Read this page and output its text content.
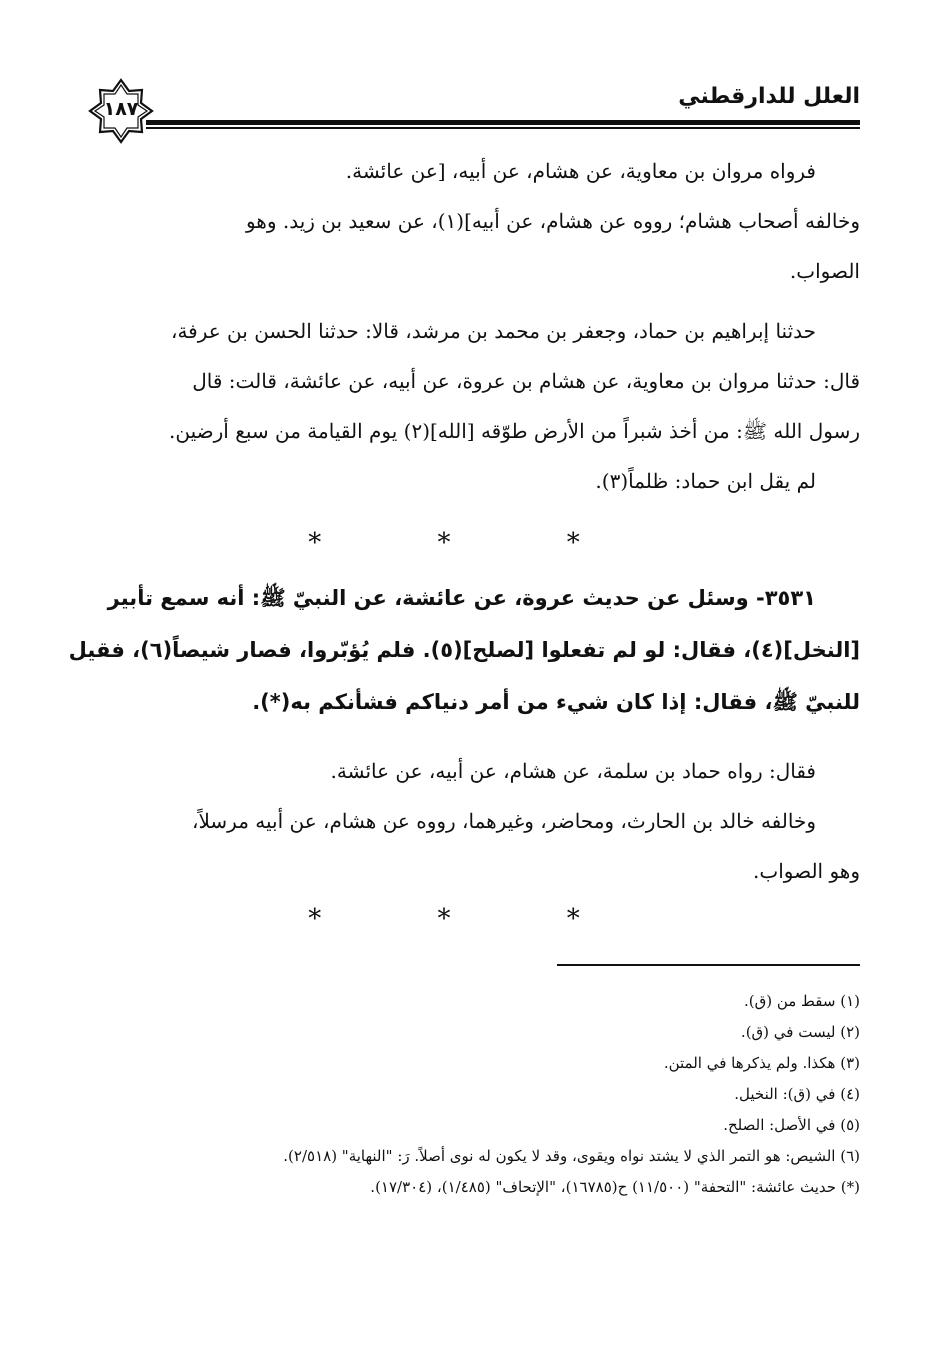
العلل للدارقطني
١٨٧
فرواه مروان بن معاوية، عن هشام، عن أبيه، [عن عائشة.
وخالفه أصحاب هشام؛ رووه عن هشام، عن أبيه](١)، عن سعيد بن زيد. وهو
الصواب.
حدثنا إبراهيم بن حماد، وجعفر بن محمد بن مرشد، قالا: حدثنا الحسن بن عرفة،
قال: حدثنا مروان بن معاوية، عن هشام بن عروة، عن أبيه، عن عائشة، قالت: قال
رسول الله ﷺ: من أخذ شبراً من الأرض طوّقه [الله](٢) يوم القيامة من سبع أرضين.
لم يقل ابن حماد: ظلماً(٣).
* * *
٣٥٣١- وسئل عن حديث عروة، عن عائشة، عن النبيّ ﷺ: أنه سمع تأبير
[النخل](٤)، فقال: لو لم تفعلوا [لصلح](٥). فلم يُؤبّروا، فصار شيصاً(٦)، فقيل
للنبيّ ﷺ، فقال: إذا كان شيء من أمر دنياكم فشأنكم به(*).
فقال: رواه حماد بن سلمة، عن هشام، عن أبيه، عن عائشة.
وخالفه خالد بن الحارث، ومحاضر، وغيرهما، رووه عن هشام، عن أبيه مرسلاً،
وهو الصواب.
* * *
(١) سقط من (ق).
(٢) ليست في (ق).
(٣) هكذا. ولم يذكرها في المتن.
(٤) في (ق): النخيل.
(٥) في الأصل: الصلح.
(٦) الشيص: هو التمر الذي لا يشتد نواه ويقوى، وقد لا يكون له نوى أصلاً. رَ: "النهاية" (٢/٥١٨).
(*) حديث عائشة: "التحفة" (١١/٥٠٠) ح(١٦٧٨٥)، "الإتحاف" (١/٤٨٥)، (١٧/٣٠٤).
